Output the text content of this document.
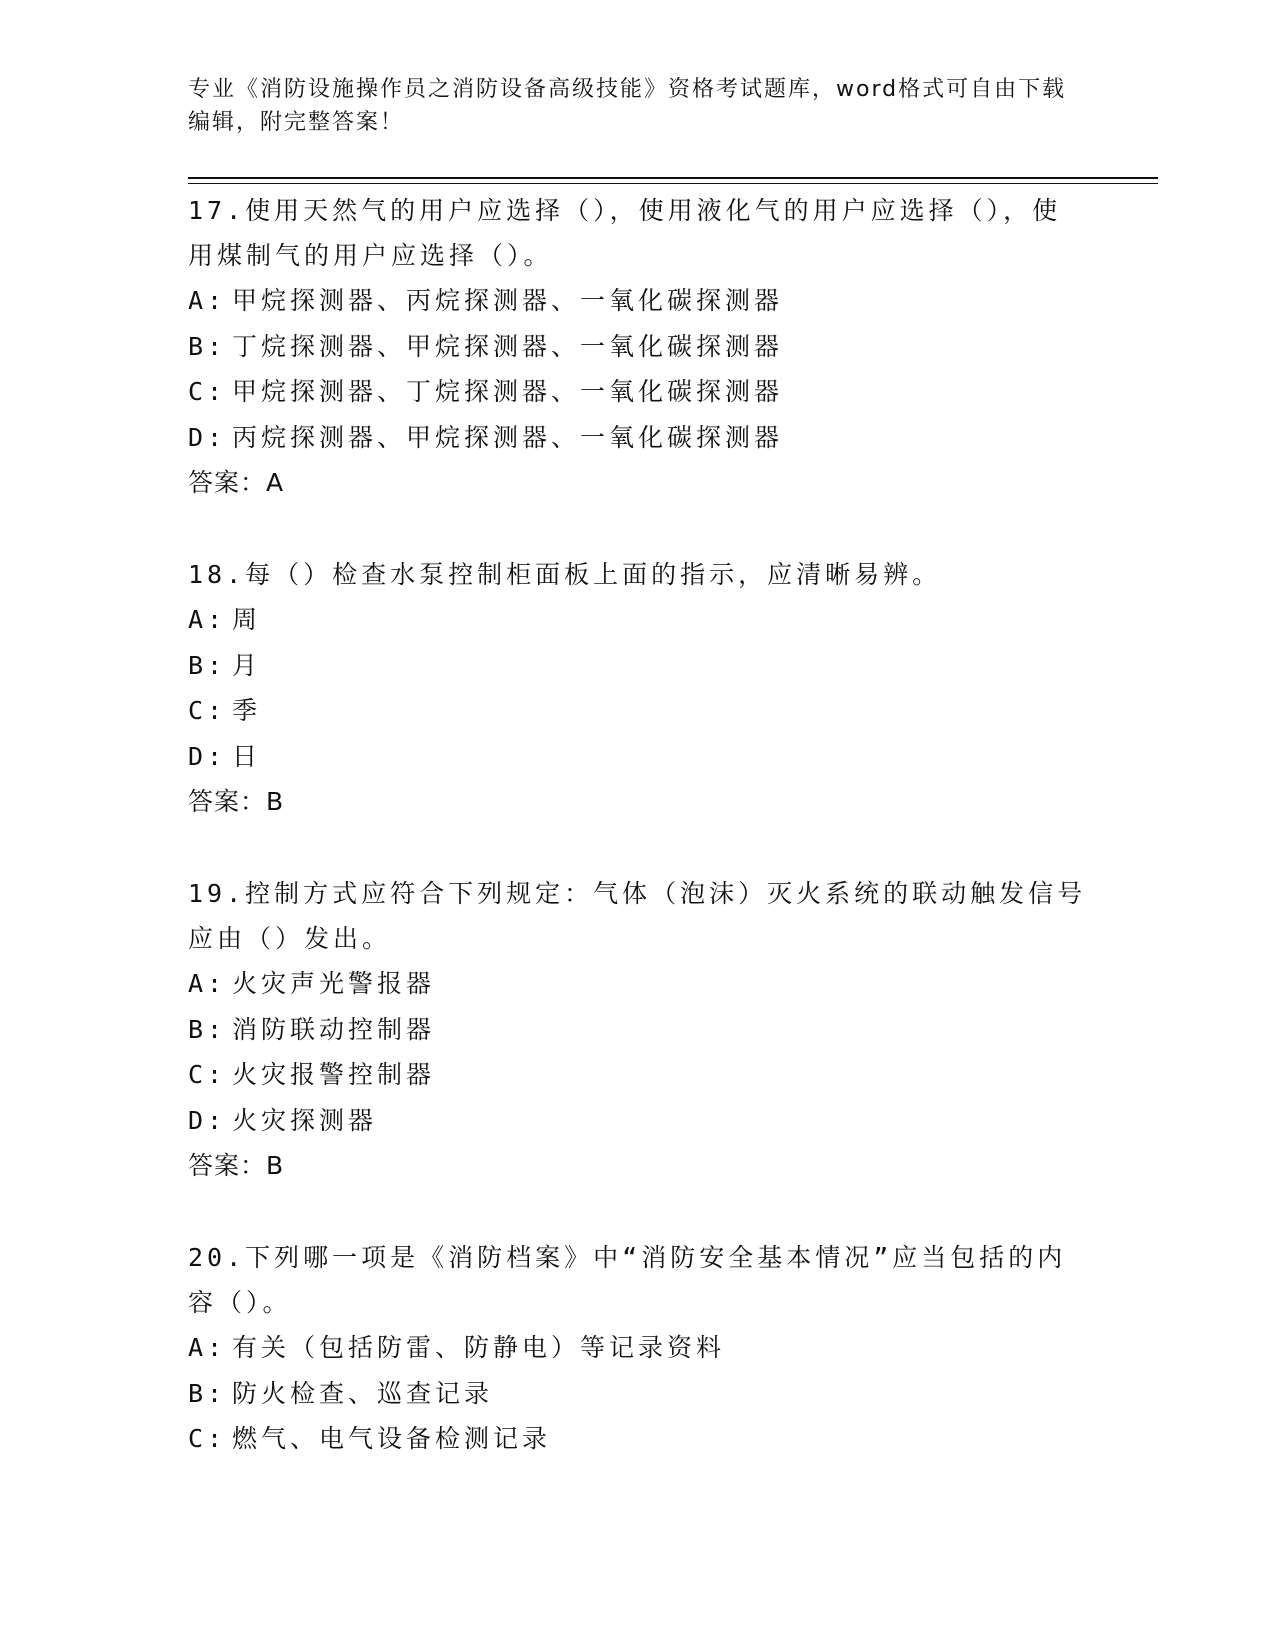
专业《消防设施操作员之消防设备高级技能》资格考试题库，word格式可自由下载编辑，附完整答案！

17.使用天然气的用户应选择（），使用液化气的用户应选择（），使用煤制气的用户应选择（）。

A: 甲烷探测器、丙烷探测器、一氧化碳探测器

B: 丁烷探测器、甲烷探测器、一氧化碳探测器

C: 甲烷探测器、丁烷探测器、一氧化碳探测器

D: 丙烷探测器、甲烷探测器、一氧化碳探测器

答案：A

18.每（）检查水泵控制柜面板上面的指示，应清晰易辨。

A: 周

B: 月

C: 季

D: 日

答案：B

19.控制方式应符合下列规定：气体（泡沫）灭火系统的联动触发信号应由（）发出。

A: 火灾声光警报器

B: 消防联动控制器

C: 火灾报警控制器

D: 火灾探测器

答案：B

20.下列哪一项是《消防档案》中“消防安全基本情况”应当包括的内容（）。

A: 有关（包括防雷、防静电）等记录资料

B: 防火检查、巡查记录

C: 燃气、电气设备检测记录
